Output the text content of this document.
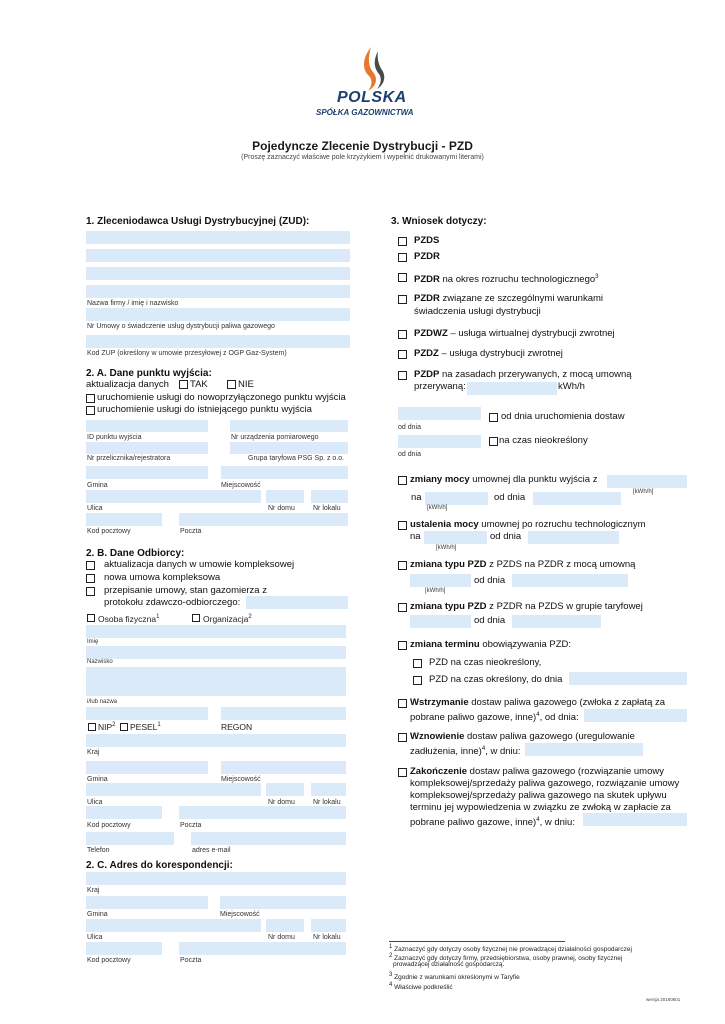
POLSKA
SPÓŁKA GAZOWNICTWA
Pojedyncze Zlecenie Dystrybucji - PZD
(Proszę zaznaczyć właściwe pole krzyżykiem i wypełnić drukowanymi literami)
1. Zleceniodawca Usługi Dystrybucyjnej (ZUD):
Nazwa firmy / imię i nazwisko
Nr Umowy o świadczenie usług dystrybucji paliwa gazowego
Kod ZUP (określony w umowie przesyłowej z OGP Gaz-System)
2. A. Dane punktu wyjścia:
aktualizacja danych TAK	NIE
uruchomienie usługi do nowoprzyłączonego punktu wyjścia
uruchomienie usługi do istniejącego punktu wyjścia
ID punktu wyjścia	Nr urządzenia pomiarowego
Nr przelicznika/rejestratora	Grupa taryfowa PSG Sp. z o.o.
Gmina	Miejscowość
Ulica	Nr domu	Nr lokalu
Kod pocztowy	Poczta
2. B. Dane Odbiorcy:
aktualizacja danych w umowie kompleksowej
nowa umowa kompleksowa
przepisanie umowy, stan gazomierza z
protokołu zdawczo-odbiorczego:
Osoba fizyczna$^1$	Organizacja$^2$
Imię
Nazwisko
i/lub nazwa
NIP$^2$ PESEL$^1$	REGON
Kraj
Gmina	Miejscowość
Ulica	Nr domu	Nr lokalu
Kod pocztowy	Poczta
Telefon	adres e-mail
2. C. Adres do korespondencji:
Kraj
Gmina	Miejscowość
Ulica	Nr domu	Nr lokalu
Kod pocztowy	Poczta
3. Wniosek dotyczy:
PZDS
PZDR
PZDR na okres rozruchu technologicznego$^3$
PZDR związane ze szczególnymi warunkami
świadczenia usługi dystrybucji
PZDWZ – usługa wirtualnej dystrybucji zwrotnej
PZDZ – usługa dystrybucji zwrotnej
PZDP na zasadach przerywanych, z mocą umowną
przerywaną:	kWh/h
od dnia uruchomienia dostaw
od dnia
na czas nieokreślony
od dnia
zmiany mocy umownej dla punktu wyjścia z
[kWh/h]
na	od dnia
[kWh/h]
ustalenia mocy umownej po rozruchu technologicznym
na	od dnia
[kWh/h]
zmiana typu PZD z PZDS na PZDR z mocą umowną
od dnia
[kWh/h]
zmiana typu PZD z PZDR na PZDS w grupie taryfowej
od dnia
zmiana terminu obowiązywania PZD:
PZD na czas nieokreślony,
PZD na czas określony, do dnia
Wstrzymanie dostaw paliwa gazowego (zwłoka z zapłatą za
pobrane paliwo gazowe, inne)$^4$, od dnia:
Wznowienie dostaw paliwa gazowego (uregulowanie
zadłużenia, inne)$^4$, w dniu:
Zakończenie dostaw paliwa gazowego (rozwiązanie umowy
kompleksowej/sprzedaży paliwa gazowego, rozwiązanie umowy
kompleksowej/sprzedaży paliwa gazowego na skutek upływu
terminu jej wypowiedzenia w związku ze zwłoką w zapłacie za
pobrane paliwo gazowe, inne)$^4$, w dniu:
$^1$ Zaznaczyć gdy dotyczy osoby fizycznej nie prowadzącej działalności gospodarczej
$^2$ Zaznaczyć gdy dotyczy firmy, przedsiębiorstwa, osoby prawnej, osoby fizycznej
prowadzącej działalność gospodarczą.
$^3$ Zgodnie z warunkami określonymi w Taryfie
$^4$ Właściwe podkreślić
wersja 20160601
